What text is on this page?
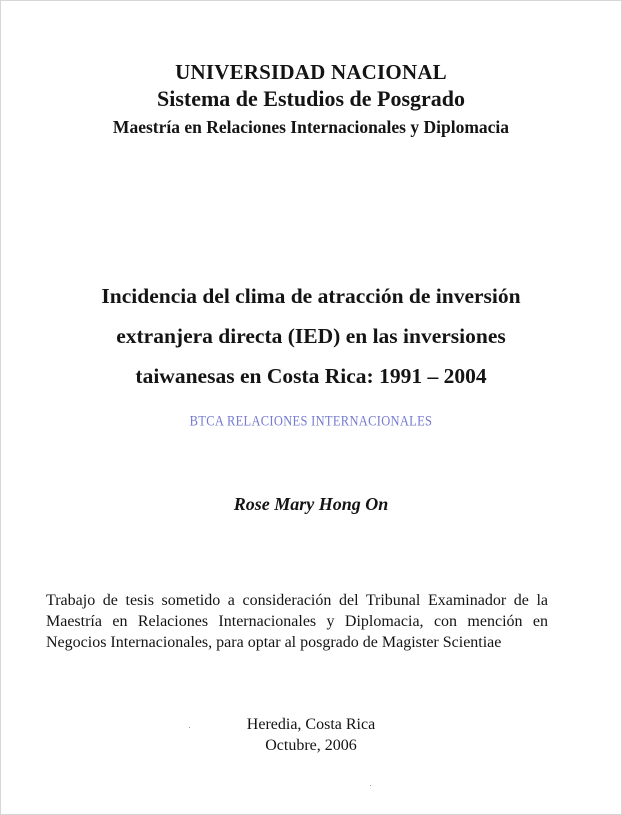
UNIVERSIDAD NACIONAL
Sistema de Estudios de Posgrado
Maestría en Relaciones Internacionales y Diplomacia
Incidencia del clima de atracción de inversión
extranjera directa (IED) en las inversiones
taiwanesas en Costa Rica: 1991 – 2004
BTCA RELACIONES INTERNACIONALES
Rose Mary Hong On
Trabajo de tesis sometido a consideración del Tribunal Examinador de la Maestría en Relaciones Internacionales y Diplomacia, con mención en Negocios Internacionales, para optar al posgrado de Magister Scientiae
Heredia, Costa Rica
Octubre, 2006
